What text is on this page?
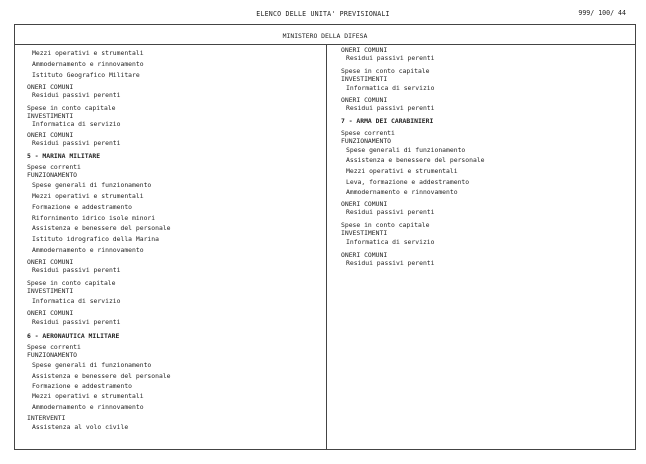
ELENCO DELLE UNITA' PREVISIONALI	999/ 100/ 44
MINISTERO DELLA DIFESA
Mezzi operativi e strumentali
Ammodernamento e rinnovamento
Istituto Geografico Militare
ONERI COMUNI
Residui passivi perenti
Spese in conto capitale
INVESTIMENTI
Informatica di servizio
ONERI COMUNI
Residui passivi perenti
5 - MARINA MILITARE
Spese correnti
FUNZIONAMENTO
Spese generali di funzionamento
Mezzi operativi e strumentali
Formazione e addestramento
Rifornimento idrico isole minori
Assistenza e benessere del personale
Istituto idrografico della Marina
Ammodernamento e rinnovamento
ONERI COMUNI
Residui passivi perenti
Spese in conto capitale
INVESTIMENTI
Informatica di servizio
ONERI COMUNI
Residui passivi perenti
6 - AERONAUTICA MILITARE
Spese correnti
FUNZIONAMENTO
Spese generali di funzionamento
Assistenza e benessere del personale
Formazione e addestramento
Mezzi operativi e strumentali
Ammodernamento e rinnovamento
INTERVENTI
Assistenza al volo civile
ONERI COMUNI
Residui passivi perenti
Spese in conto capitale
INVESTIMENTI
Informatica di servizio
ONERI COMUNI
Residui passivi perenti
7 - ARMA DEI CARABINIERI
Spese correnti
FUNZIONAMENTO
Spese generali di funzionamento
Assistenza e benessere del personale
Mezzi operativi e strumentali
Leva, formazione e addestramento
Ammodernamento e rinnovamento
ONERI COMUNI
Residui passivi perenti
Spese in conto capitale
INVESTIMENTI
Informatica di servizio
ONERI COMUNI
Residui passivi perenti
